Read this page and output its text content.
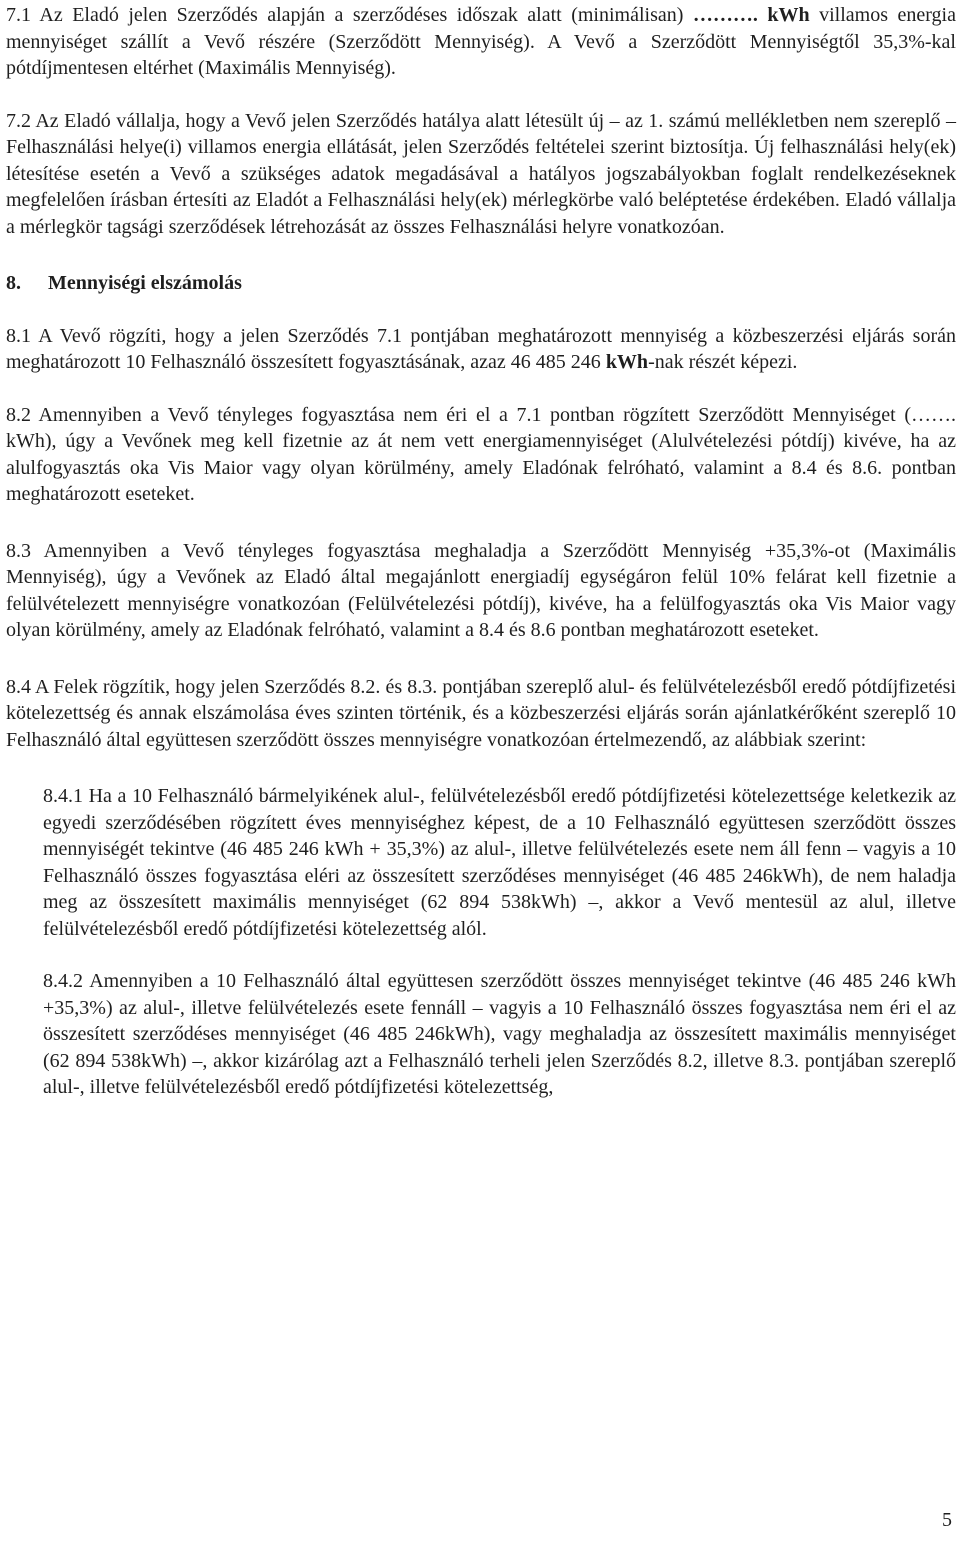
7.1 Az Eladó jelen Szerződés alapján a szerződéses időszak alatt (minimálisan) ………. kWh villamos energia mennyiséget szállít a Vevő részére (Szerződött Mennyiség). A Vevő a Szerződött Mennyiségtől 35,3%-kal pótdíjmentesen eltérhet (Maximális Mennyiség).

7.2 Az Eladó vállalja, hogy a Vevő jelen Szerződés hatálya alatt létesült új – az 1. számú mellékletben nem szereplő – Felhasználási helye(i) villamos energia ellátását, jelen Szerződés feltételei szerint biztosítja. Új felhasználási hely(ek) létesítése esetén a Vevő a szükséges adatok megadásával a hatályos jogszabályokban foglalt rendelkezéseknek megfelelően írásban értesíti az Eladót a Felhasználási hely(ek) mérlegkörbe való beléptetése érdekében. Eladó vállalja a mérlegkör tagsági szerződések létrehozását az összes Felhasználási helyre vonatkozóan.

8. Mennyiségi elszámolás

8.1 A Vevő rögzíti, hogy a jelen Szerződés 7.1 pontjában meghatározott mennyiség a közbeszerzési eljárás során meghatározott 10 Felhasználó összesített fogyasztásának, azaz 46 485 246 kWh-nak részét képezi.

8.2 Amennyiben a Vevő tényleges fogyasztása nem éri el a 7.1 pontban rögzített Szerződött Mennyiséget (……. kWh), úgy a Vevőnek meg kell fizetnie az át nem vett energiamennyiséget (Alulvételezési pótdíj) kivéve, ha az alulfogyasztás oka Vis Maior vagy olyan körülmény, amely Eladónak felróható, valamint a 8.4 és 8.6. pontban meghatározott eseteket.

8.3 Amennyiben a Vevő tényleges fogyasztása meghaladja a Szerződött Mennyiség +35,3%-ot (Maximális Mennyiség), úgy a Vevőnek az Eladó által megajánlott energiadíj egységáron felül 10% felárat kell fizetnie a felülvételezett mennyiségre vonatkozóan (Felülvételezési pótdíj), kivéve, ha a felülfogyasztás oka Vis Maior vagy olyan körülmény, amely az Eladónak felróható, valamint a 8.4 és 8.6 pontban meghatározott eseteket.

8.4 A Felek rögzítik, hogy jelen Szerződés 8.2. és 8.3. pontjában szereplő alul- és felülvételezésből eredő pótdíjfizetési kötelezettség és annak elszámolása éves szinten történik, és a közbeszerzési eljárás során ajánlatkérőként szereplő 10 Felhasználó által együttesen szerződött összes mennyiségre vonatkozóan értelmezendő, az alábbiak szerint:

8.4.1 Ha a 10 Felhasználó bármelyikének alul-, felülvételezésből eredő pótdíjfizetési kötelezettsége keletkezik az egyedi szerződésében rögzített éves mennyiséghez képest, de a 10 Felhasználó együttesen szerződött összes mennyiségét tekintve (46 485 246 kWh + 35,3%) az alul-, illetve felülvételezés esete nem áll fenn – vagyis a 10 Felhasználó összes fogyasztása eléri az összesített szerződéses mennyiséget (46 485 246kWh), de nem haladja meg az összesített maximális mennyiséget (62 894 538kWh) –, akkor a Vevő mentesül az alul, illetve felülvételezésből eredő pótdíjfizetési kötelezettség alól.

8.4.2 Amennyiben a 10 Felhasználó által együttesen szerződött összes mennyiséget tekintve (46 485 246 kWh +35,3%) az alul-, illetve felülvételezés esete fennáll – vagyis a 10 Felhasználó összes fogyasztása nem éri el az összesített szerződéses mennyiséget (46 485 246kWh), vagy meghaladja az összesített maximális mennyiséget (62 894 538kWh) –, akkor kizárólag azt a Felhasználó terheli jelen Szerződés 8.2, illetve 8.3. pontjában szereplő alul-, illetve felülvételezésből eredő pótdíjfizetési kötelezettség,

5
